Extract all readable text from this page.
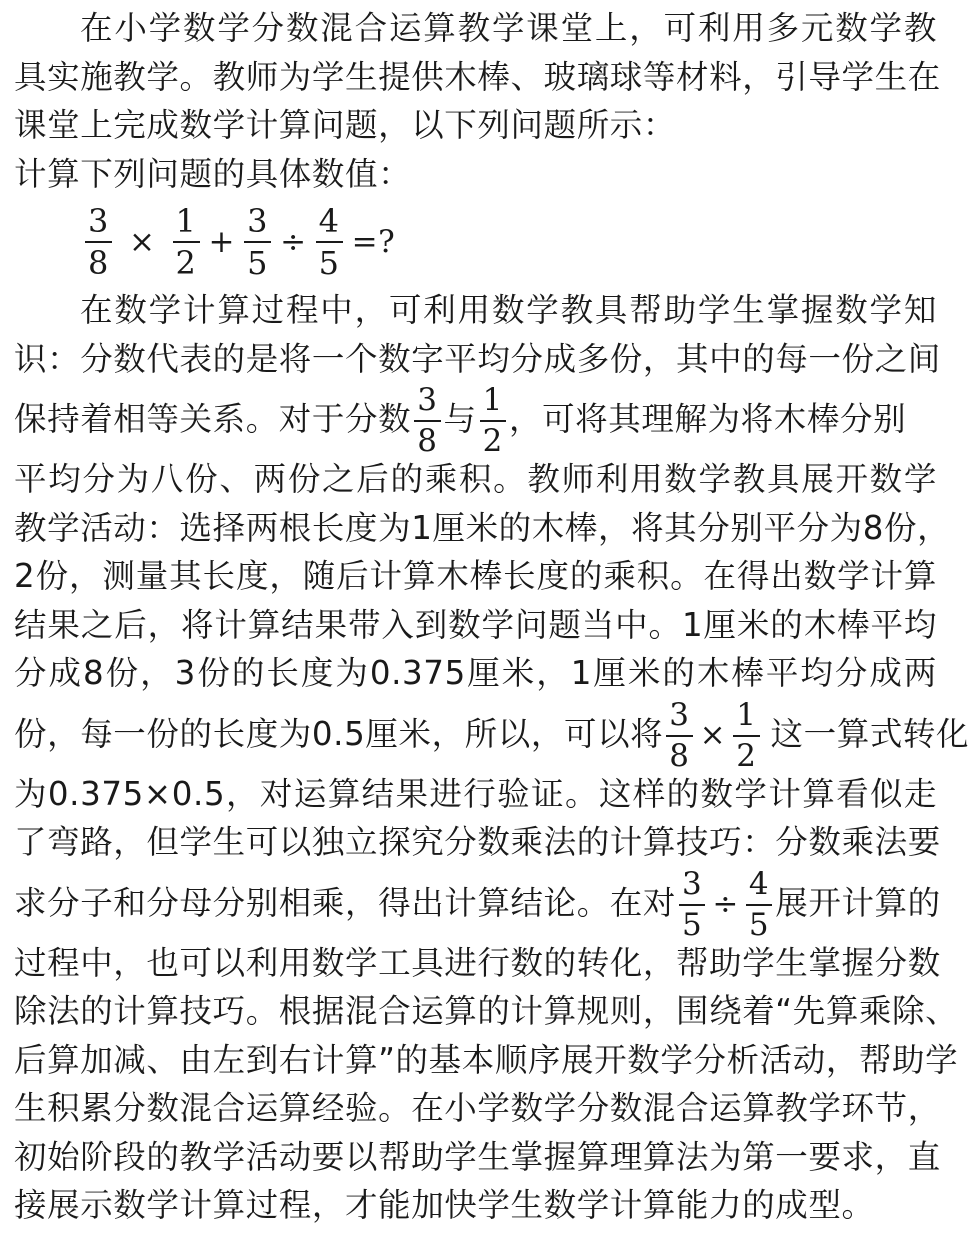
在小学数学分数混合运算教学课堂上，可利用多元数学教
具实施教学。教师为学生提供木棒、玻璃球等材料，引导学生在
课堂上完成数学计算问题，以下列问题所示：
计算下列问题的具体数值：
$\frac{3}{8} \times \frac{1}{2} + \frac{3}{5} \div \frac{4}{5}$ =?
在数学计算过程中，可利用数学教具帮助学生掌握数学知
识：分数代表的是将一个数字平均分成多份，其中的每一份之间
保持着相等关系。对于分数 $\frac{3}{8}$ 与 $\frac{1}{2}$ ，可将其理解为将木棒分别
平均分为八份、两份之后的乘积。教师利用数学教具展开数学
教学活动：选择两根长度为1厘米的木棒，将其分别平分为8份，
2份，测量其长度，随后计算木棒长度的乘积。在得出数学计算
结果之后，将计算结果带入到数学问题当中。1厘米的木棒平均
分成8份，3份的长度为0.375厘米，1厘米的木棒平均分成两
份，每一份的长度为0.5厘米，所以，可以将 $\frac{3}{8} \times \frac{1}{2}$ 这一算式转化
为0.375×0.5，对运算结果进行验证。这样的数学计算看似走
了弯路，但学生可以独立探究分数乘法的计算技巧：分数乘法要
求分子和分母分别相乘，得出计算结论。在对 $\frac{3}{5} \div \frac{4}{5}$ 展开计算的
过程中，也可以利用数学工具进行数的转化，帮助学生掌握分数
除法的计算技巧。根据混合运算的计算规则，围绕着“先算乘除、
后算加减、由左到右计算”的基本顺序展开数学分析活动，帮助学
生积累分数混合运算经验。在小学数学分数混合运算教学环节，
初始阶段的教学活动要以帮助学生掌握算理算法为第一要求，直
接展示数学计算过程，才能加快学生数学计算能力的成型。
